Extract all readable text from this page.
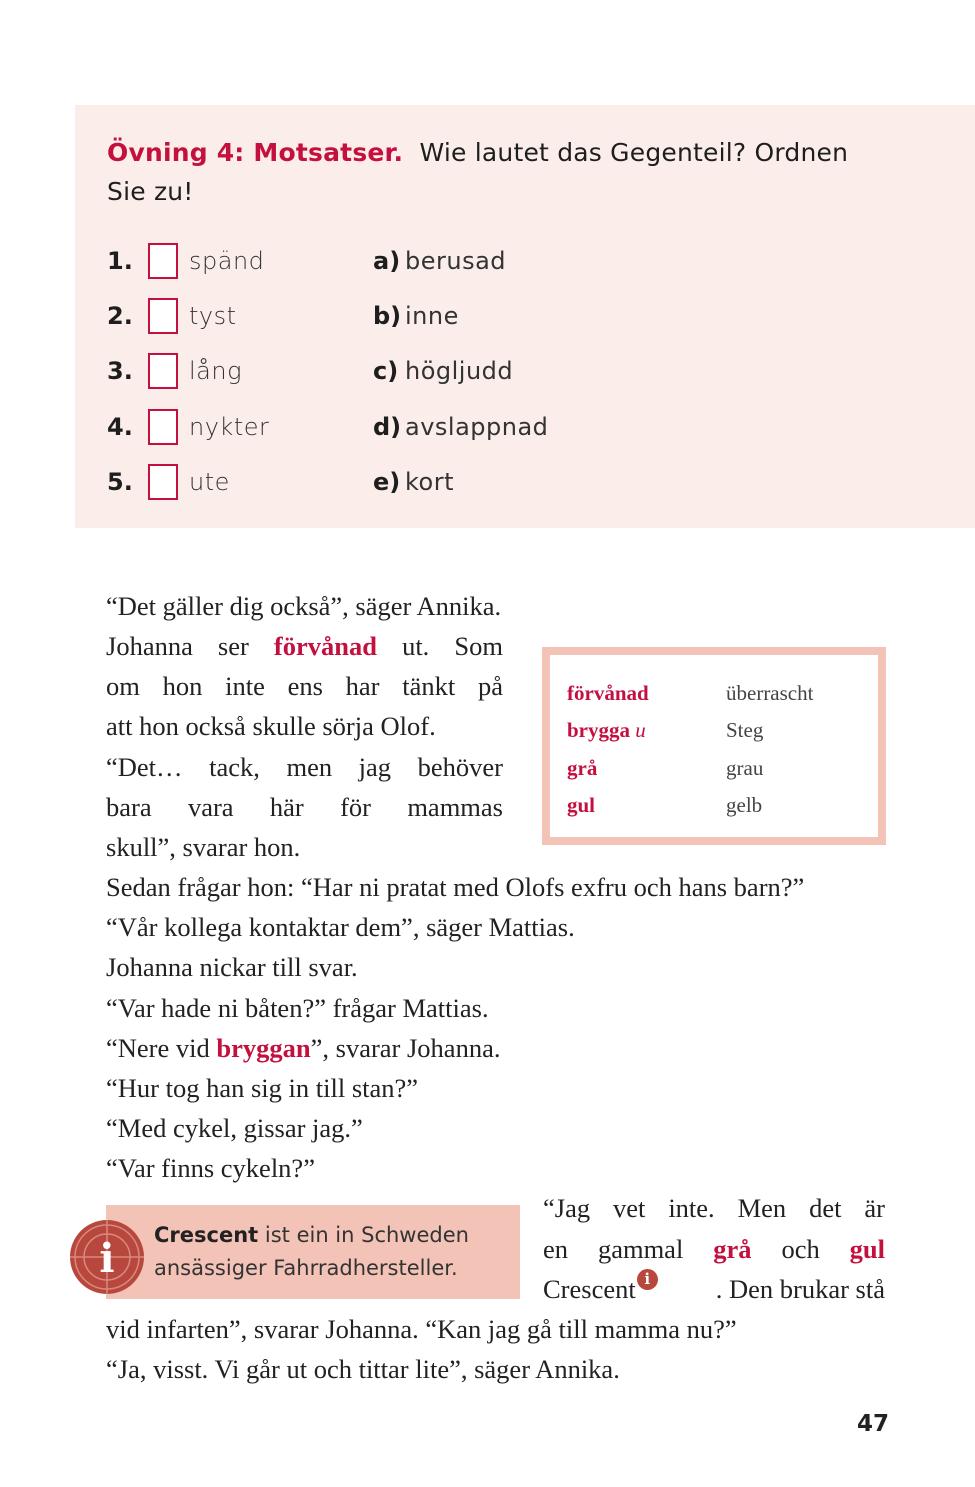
Övning 4: Motsatser. Wie lautet das Gegenteil? Ordnen Sie zu!
1. spänd	a) berusad
2. tyst	b) inne
3. lång	c) högljudd
4. nykter	d) avslappnad
5. ute	e) kort
“Det gäller dig också”, säger Annika.
Johanna ser förvånad ut. Som
om hon inte ens har tänkt på
att hon också skulle sörja Olof.
“Det… tack, men jag behöver
bara vara här för mammas
skull”, svarar hon.
Sedan frågar hon: “Har ni pratat med Olofs exfru och hans barn?”
“Vår kollega kontaktar dem”, säger Mattias.
Johanna nickar till svar.
“Var hade ni båten?” frågar Mattias.
“Nere vid bryggan”, svarar Johanna.
“Hur tog han sig in till stan?”
“Med cykel, gissar jag.”
“Var finns cykeln?”
“Jag vet inte. Men det är
en gammal grå och gul
Crescent i . Den brukar stå
vid infarten”, svarar Johanna. “Kan jag gå till mamma nu?”
“Ja, visst. Vi går ut och tittar lite”, säger Annika.
förvånad	überrascht
brygga u	Steg
grå	grau
gul	gelb
Crescent ist ein in Schweden ansässiger Fahrradhersteller.
i
47
